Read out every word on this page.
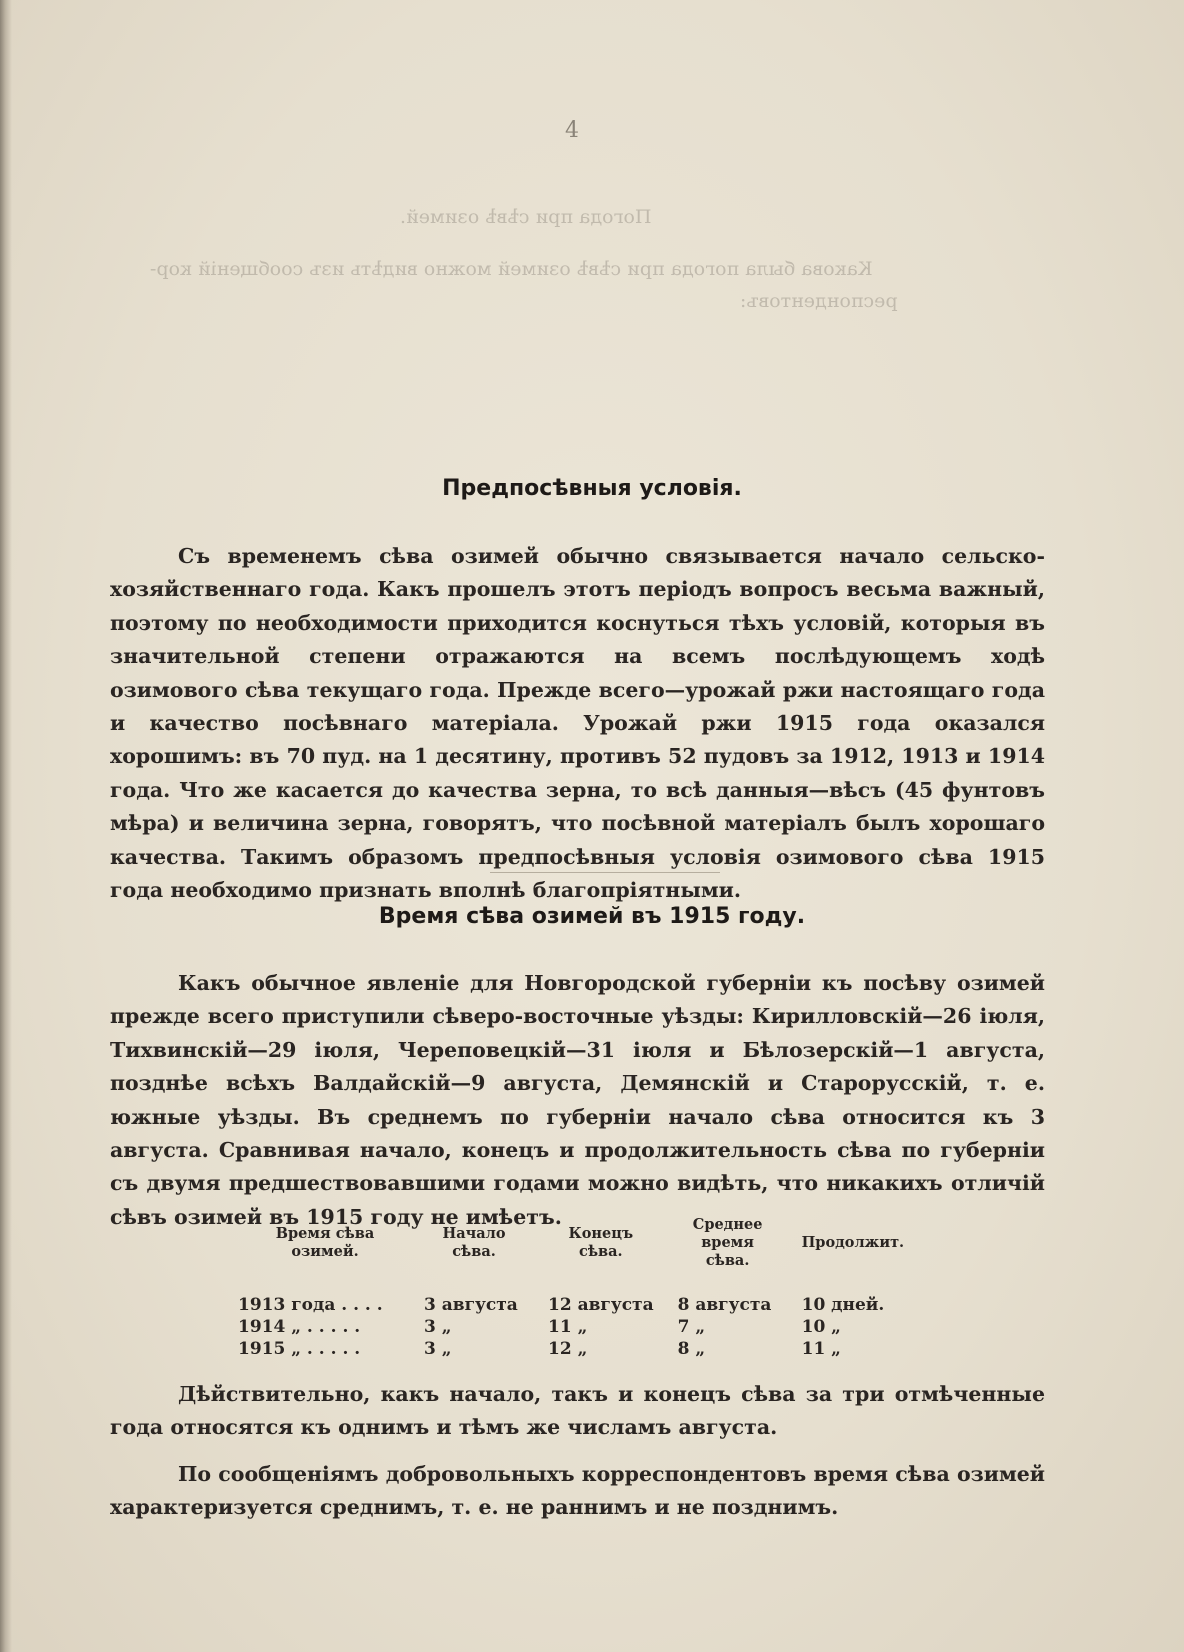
4
Погода при сѣвѣ озимей.
Какова была погода при сѣвѣ озимей можно видѣть изъ сообщеній кор-
респондентовъ:
Предпосѣвныя условія.
Съ временемъ сѣва озимей обычно связывается начало сельско-хозяйственнаго года. Какъ прошелъ этотъ періодъ вопросъ весьма важный, поэтому по необходимости приходится коснуться тѣхъ условій, которыя въ значительной степени отражаются на всемъ послѣдующемъ ходѣ озимового сѣва текущаго года. Прежде всего—урожай ржи настоящаго года и качество посѣвнаго матеріала. Урожай ржи 1915 года оказался хорошимъ: въ 70 пуд. на 1 десятину, противъ 52 пудовъ за 1912, 1913 и 1914 года. Что же касается до качества зерна, то всѣ данныя—вѣсъ (45 фунтовъ мѣра) и величина зерна, говорятъ, что посѣвной матеріалъ былъ хорошаго качества. Такимъ образомъ предпосѣвныя условія озимового сѣва 1915 года необходимо признать вполнѣ благопріятными.
Время сѣва озимей въ 1915 году.
Какъ обычное явленіе для Новгородской губерніи къ посѣву озимей прежде всего приступили сѣверо-восточные уѣзды: Кирилловскій—26 іюля, Тихвинскій—29 іюля, Череповецкій—31 іюля и Бѣлозерскій—1 августа, позднѣе всѣхъ Валдайскій—9 августа, Демянскій и Старорусскій, т. е. южные уѣзды. Въ среднемъ по губерніи начало сѣва относится къ 3 августа. Сравнивая начало, конецъ и продолжительность сѣва по губерніи съ двумя предшествовавшими годами можно видѣть, что никакихъ отличій сѣвъ озимей въ 1915 году не имѣетъ.
Время сѣва озимей.	Начало сѣва.	Конецъ сѣва.	Среднее время сѣва.	Продолжит.
1913 года . . . .	3 августа	12 августа	8 августа	10 дней.
1914 „ . . . . .	3 „	11 „	7 „	10 „
1915 „ . . . . .	3 „	12 „	8 „	11 „
Дѣйствительно, какъ начало, такъ и конецъ сѣва за три отмѣченные года относятся къ однимъ и тѣмъ же числамъ августа.
По сообщеніямъ добровольныхъ корреспондентовъ время сѣва озимей характеризуется среднимъ, т. е. не раннимъ и не позднимъ.
